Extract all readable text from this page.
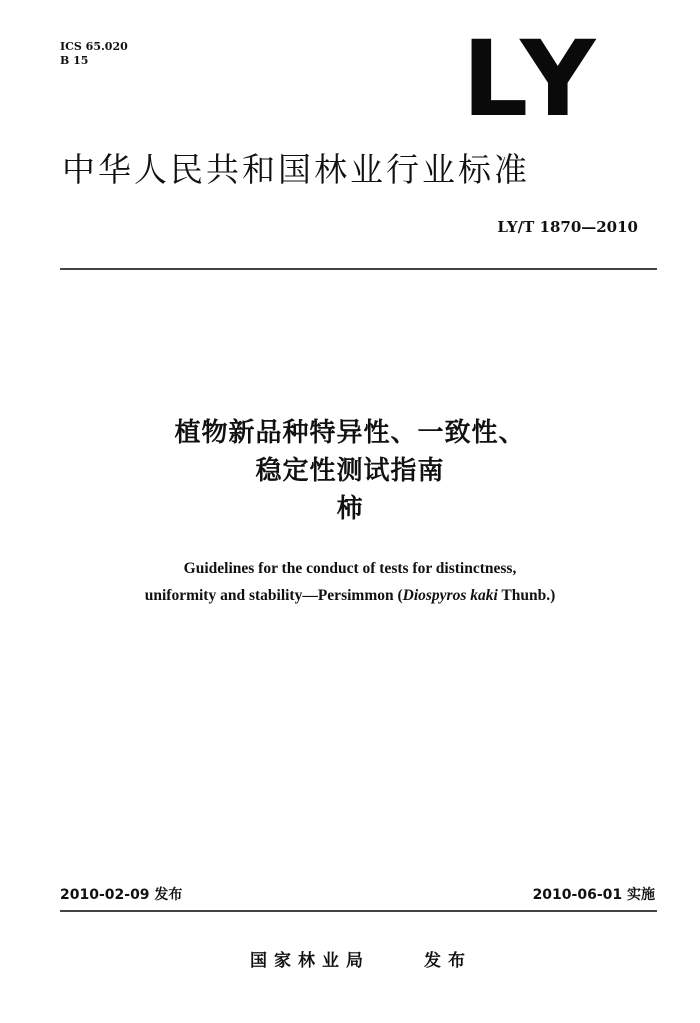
ICS 65.020
B 15	LY
中华人民共和国林业行业标准
LY/T 1870—2010
植物新品种特异性、一致性、
稳定性测试指南
柿
Guidelines for the conduct of tests for distinctness,
uniformity and stability—Persimmon (Diospyros kaki Thunb.)
2010-02-09 发布	2010-06-01 实施
国家林业局	发布
